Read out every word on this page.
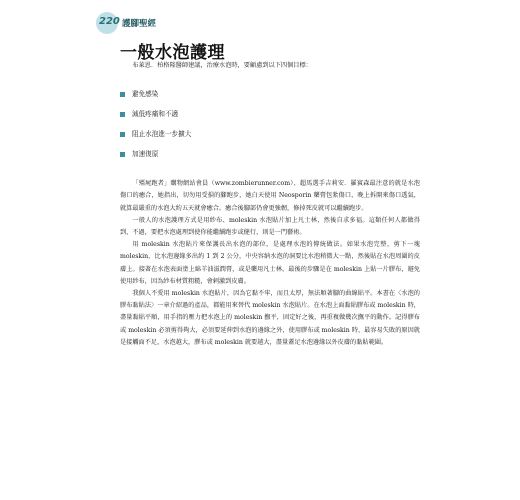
220 護腳聖經
一般水泡護理

布萊恩．柏格隆醫師建議，治療水泡時，要顧慮到以下四個目標：

避免感染
減低疼痛和不適
阻止水泡進一步擴大
加速復原

「殭屍跑者」購物網站會員（www.zombierunner.com）、超馬選手吉莉安．羅賓森最注意的就是水泡傷口的癒合，她指出，切勿用受損的腳跑步，她白天使用 Neosporin 藥膏包紮傷口，晚上拆開來傷口透氣，就算最嚴重的水泡大約五天就會癒合。癒合後腳部仍會更強韌，修掉死皮就可以繼續跑步。

一般人的水泡護理方式是用紗布、moleskin 水泡貼片加上凡士林，然後自求多福。這類任何人都做得到，不過，要把水泡處理到使你能繼續跑步或健行，則是一門藝術。

用 moleskin 水泡貼片來保護長出水泡的部位，是處理水泡的傳統做法。如果水泡完整，剪下一塊 moleskin，比水泡邊緣多出約 1 到 2 公分，中央容納水泡的洞要比水泡稍微大一點，然後貼在水泡周圍的皮膚上。接著在水泡表面塗上綿羊油滋潤膏，或是藥用凡士林，最後的步驟是在 moleskin 上貼一片膠布，避免使用紗布，因為紗布材質粗糙，會刺激到皮膚。

我個人不愛用 moleskin 水泡貼片，因為它黏不牢，而且太厚，無法順著腳的曲線貼平。本書在〈水泡的膠布黏貼法〉一章介紹過的產品，都能用來替代 moleskin 水泡貼片。在水泡上面黏貼膠布或 moleskin 時，盡量黏貼平順，用手指的壓力把水泡上的 moleskin 撫平，固定好之後，再重複做幾次撫平的動作。記得膠布或 moleskin 必須剪得夠大，必須要延伸到水泡的邊緣之外，使用膠布或 moleskin 時，最容易失敗的原因就是接觸面不足，水泡越大，膠布或 moleskin 就要越大，盡量蓋足水泡邊緣以外皮膚的黏貼範圍。
